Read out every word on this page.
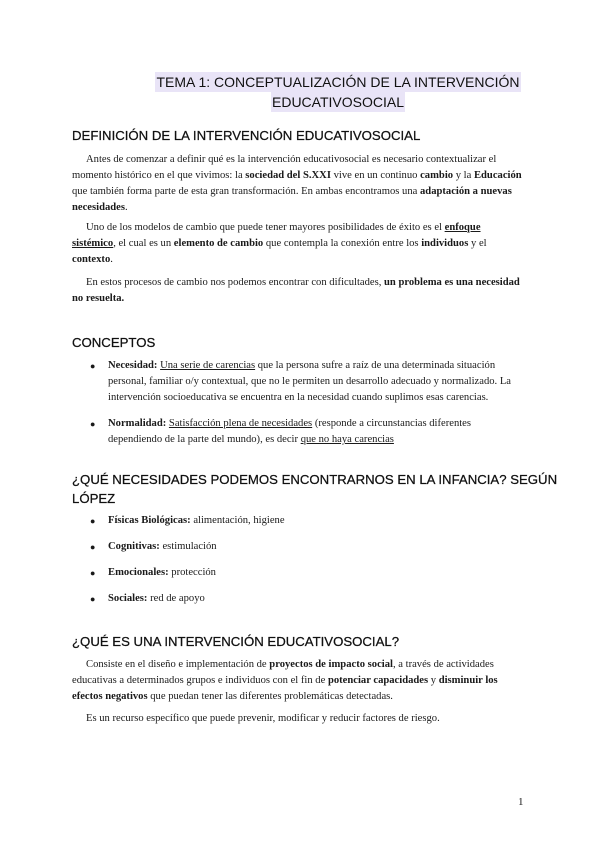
TEMA 1: CONCEPTUALIZACIÓN DE LA INTERVENCIÓN
EDUCATIVOSOCIAL
DEFINICIÓN DE LA INTERVENCIÓN EDUCATIVOSOCIAL

Antes de comenzar a definir qué es la intervención educativosocial es necesario contextualizar el momento histórico en el que vivimos: la sociedad del S.XXI vive en un continuo cambio y la Educación que también forma parte de esta gran transformación. En ambas encontramos una adaptación a nuevas necesidades.

Uno de los modelos de cambio que puede tener mayores posibilidades de éxito es el enfoque sistémico, el cual es un elemento de cambio que contempla la conexión entre los individuos y el contexto.

En estos procesos de cambio nos podemos encontrar con dificultades, un problema es una necesidad no resuelta.

CONCEPTOS
● Necesidad: Una serie de carencias que la persona sufre a raíz de una determinada situación personal, familiar o/y contextual, que no le permiten un desarrollo adecuado y normalizado. La intervención socioeducativa se encuentra en la necesidad cuando suplimos esas carencias.
● Normalidad: Satisfacción plena de necesidades (responde a circunstancias diferentes dependiendo de la parte del mundo), es decir que no haya carencias
¿QUÉ NECESIDADES PODEMOS ENCONTRARNOS EN LA INFANCIA? SEGÚN
LÓPEZ
● Físicas Biológicas: alimentación, higiene
● Cognitivas: estimulación
● Emocionales: protección
● Sociales: red de apoyo
¿QUÉ ES UNA INTERVENCIÓN EDUCATIVOSOCIAL?

Consiste en el diseño e implementación de proyectos de impacto social, a través de actividades educativas a determinados grupos e individuos con el fin de potenciar capacidades y disminuir los efectos negativos que puedan tener las diferentes problemáticas detectadas.

Es un recurso específico que puede prevenir, modificar y reducir factores de riesgo.

1
